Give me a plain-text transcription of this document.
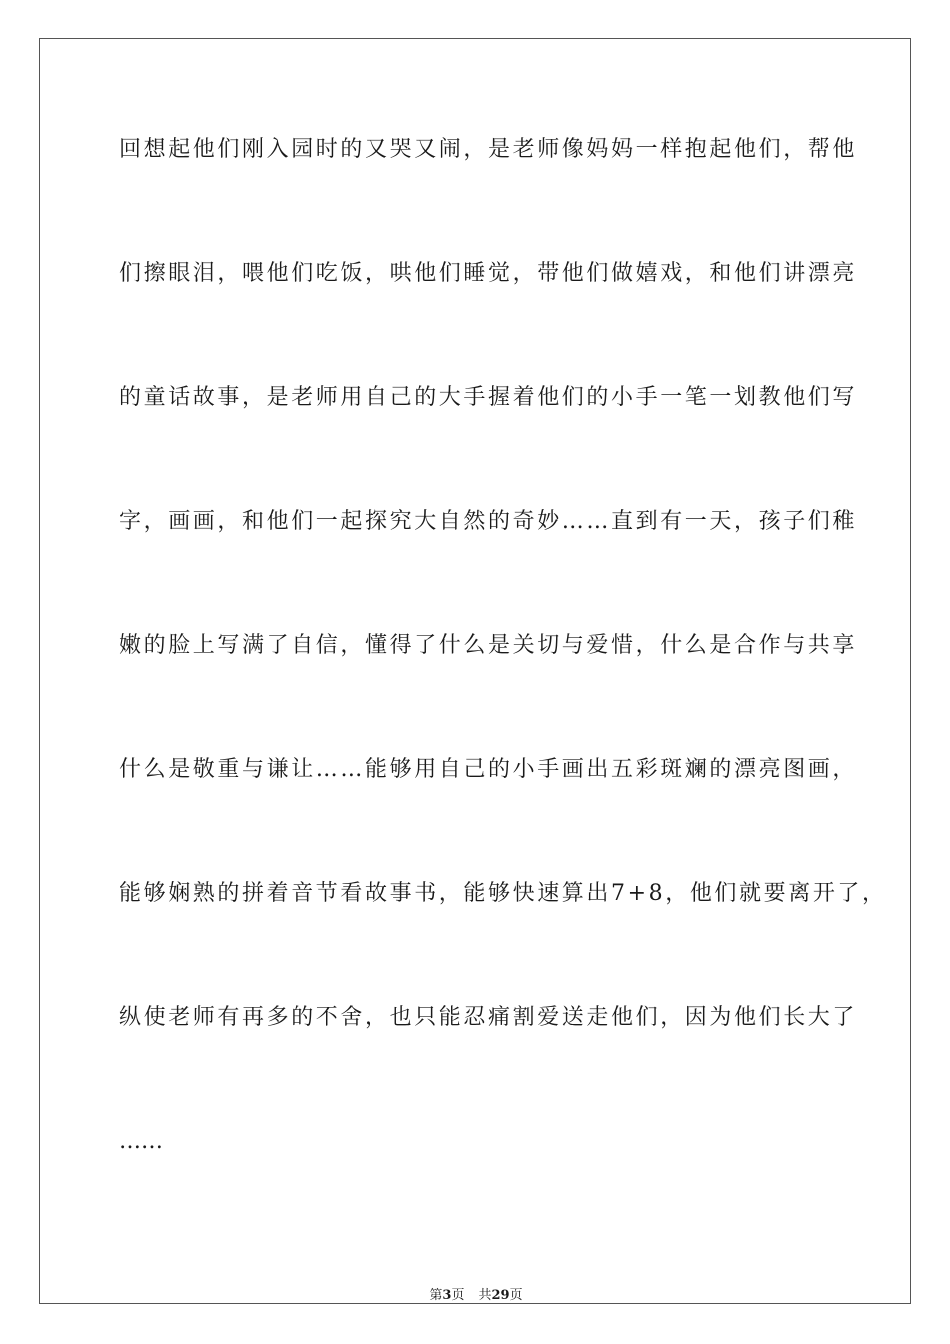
回想起他们刚入园时的又哭又闹，是老师像妈妈一样抱起他们，帮他
们擦眼泪，喂他们吃饭，哄他们睡觉，带他们做嬉戏，和他们讲漂亮
的童话故事，是老师用自己的大手握着他们的小手一笔一划教他们写
字，画画，和他们一起探究大自然的奇妙……直到有一天，孩子们稚
嫩的脸上写满了自信，懂得了什么是关切与爱惜，什么是合作与共享
什么是敬重与谦让……能够用自己的小手画出五彩斑斓的漂亮图画，
能够娴熟的拼着音节看故事书，能够快速算出7+8，他们就要离开了，
纵使老师有再多的不舍，也只能忍痛割爱送走他们，因为他们长大了
……
第3页 共29页
